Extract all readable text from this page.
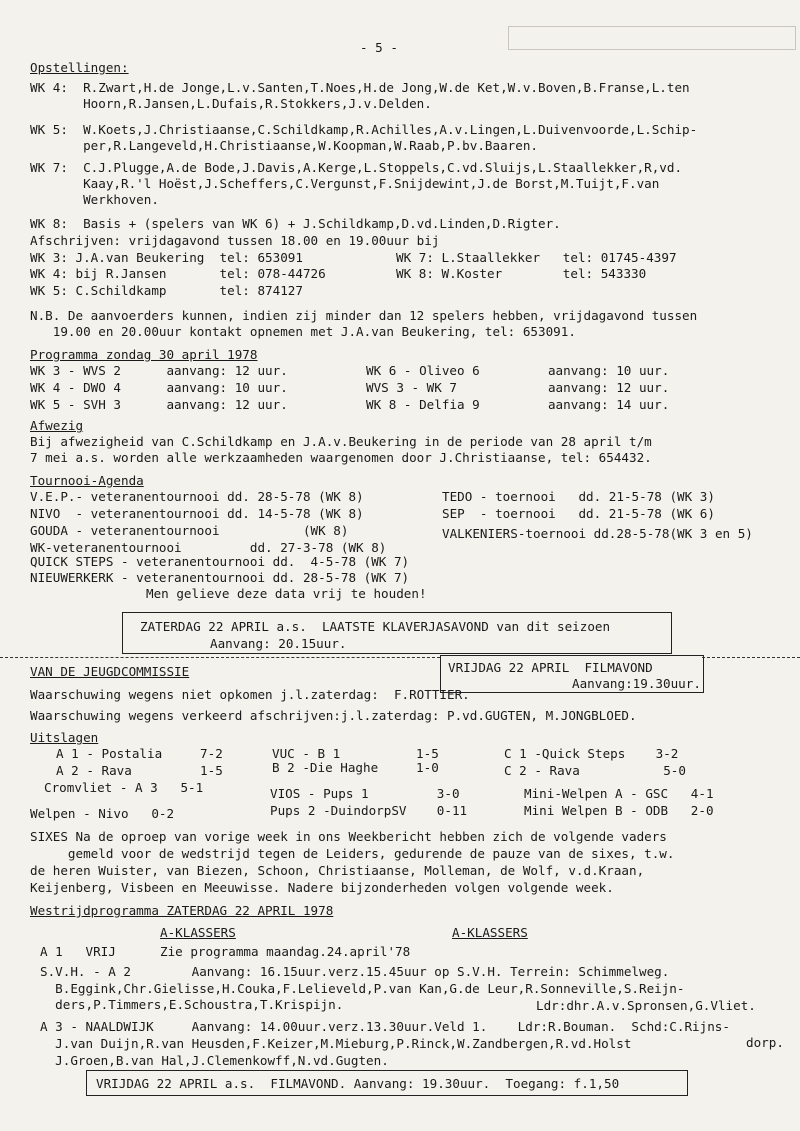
- 5 -
Opstellingen:
WK 4:  R.Zwart,H.de Jonge,L.v.Santen,T.Noes,H.de Jong,W.de Ket,W.v.Boven,B.Franse,L.ten
Hoorn,R.Jansen,L.Dufais,R.Stokkers,J.v.Delden.
WK 5:  W.Koets,J.Christiaanse,C.Schildkamp,R.Achilles,A.v.Lingen,L.Duivenvoorde,L.Schip-
per,R.Langeveld,H.Christiaanse,W.Koopman,W.Raab,P.bv.Baaren.
WK 7:  C.J.Plugge,A.de Bode,J.Davis,A.Kerge,L.Stoppels,C.vd.Sluijs,L.Staallekker,R,vd.
Kaay,R.'l Hoëst,J.Scheffers,C.Vergunst,F.Snijdewint,J.de Borst,M.Tuijt,F.van
Werkhoven.
WK 8:  Basis + (spelers van WK 6) + J.Schildkamp,D.vd.Linden,D.Rigter.
Afschrijven: vrijdagavond tussen 18.00 en 19.00uur bij
WK 3: J.A.van Beukering  tel: 653091	WK 7: L.Staallekker   tel: 01745-4397
WK 4: bij R.Jansen       tel: 078-44726	WK 8: W.Koster        tel: 543330
WK 5: C.Schildkamp       tel: 874127
N.B. De aanvoerders kunnen, indien zij minder dan 12 spelers hebben, vrijdagavond tussen
19.00 en 20.00uur kontakt opnemen met J.A.van Beukering, tel: 653091.
Programma zondag 30 april 1978
WK 3 - WVS 2      aanvang: 12 uur.	WK 6 - Oliveo 6         aanvang: 10 uur.
WK 4 - DWO 4      aanvang: 10 uur.	WVS 3 - WK 7            aanvang: 12 uur.
WK 5 - SVH 3      aanvang: 12 uur.	WK 8 - Delfia 9         aanvang: 14 uur.
Afwezig
Bij afwezigheid van C.Schildkamp en J.A.v.Beukering in de periode van 28 april t/m
7 mei a.s. worden alle werkzaamheden waargenomen door J.Christiaanse, tel: 654432.
Tournooi-Agenda
V.E.P.- veteranentournooi dd. 28-5-78 (WK 8)	TEDO - toernooi   dd. 21-5-78 (WK 3)
NIVO  - veteranentournooi dd. 14-5-78 (WK 8)	SEP  - toernooi   dd. 21-5-78 (WK 6)
GOUDA - veteranentournooi           (WK 8)	VALKENIERS-toernooi dd.28-5-78(WK 3 en 5)
WK-veteranentournooi         dd. 27-3-78 (WK 8)
QUICK STEPS - veteranentournooi dd.  4-5-78 (WK 7)
NIEUWERKERK - veteranentournooi dd. 28-5-78 (WK 7)
Men gelieve deze data vrij te houden!
ZATERDAG 22 APRIL a.s.  LAATSTE KLAVERJASAVOND van dit seizoen
Aanvang: 20.15uur.
VAN DE JEUGDCOMMISSIE	VRIJDAG 22 APRIL  FILMAVOND
Aanvang:19.30uur.
Waarschuwing wegens niet opkomen j.l.zaterdag:  F.ROTTIER.
Waarschuwing wegens verkeerd afschrijven:j.l.zaterdag: P.vd.GUGTEN, M.JONGBLOED.
Uitslagen
A 1 - Postalia     7-2	VUC - B 1          1-5	C 1 -Quick Steps    3-2
A 2 - Rava         1-5	B 2 -Die Haghe     1-0	C 2 - Rava           5-0
Cromvliet - A 3   5-1
Welpen - Nivo   0-2
VIOS - Pups 1         3-0
Pups 2 -DuindorpSV    0-11
Mini-Welpen A - GSC   4-1
Mini Welpen B - ODB   2-0
SIXES Na de oproep van vorige week in ons Weekbericht hebben zich de volgende vaders
gemeld voor de wedstrijd tegen de Leiders, gedurende de pauze van de sixes, t.w.
de heren Wuister, van Biezen, Schoon, Christiaanse, Molleman, de Wolf, v.d.Kraan,
Keijenberg, Visbeen en Meeuwisse. Nadere bijzonderheden volgen volgende week.
Westrijdprogramma ZATERDAG 22 APRIL 1978
A-KLASSERS	A-KLASSERS
A 1   VRIJ	Zie programma maandag.24.april'78
S.V.H. - A 2        Aanvang: 16.15uur.verz.15.45uur op S.V.H. Terrein: Schimmelweg.
B.Eggink,Chr.Gielisse,H.Couka,F.Lelieveld,P.van Kan,G.de Leur,R.Sonneville,S.Reijn-
ders,P.Timmers,E.Schoustra,T.Krispijn.	Ldr:dhr.A.v.Spronsen,G.Vliet.
A 3 - NAALDWIJK     Aanvang: 14.00uur.verz.13.30uur.Veld 1.    Ldr:R.Bouman.  Schd:C.Rijns-
dorp.
J.van Duijn,R.van Heusden,F.Keizer,M.Mieburg,P.Rinck,W.Zandbergen,R.vd.Holst
J.Groen,B.van Hal,J.Clemenkowff,N.vd.Gugten.
VRIJDAG 22 APRIL a.s.  FILMAVOND. Aanvang: 19.30uur.  Toegang: f.1,50
